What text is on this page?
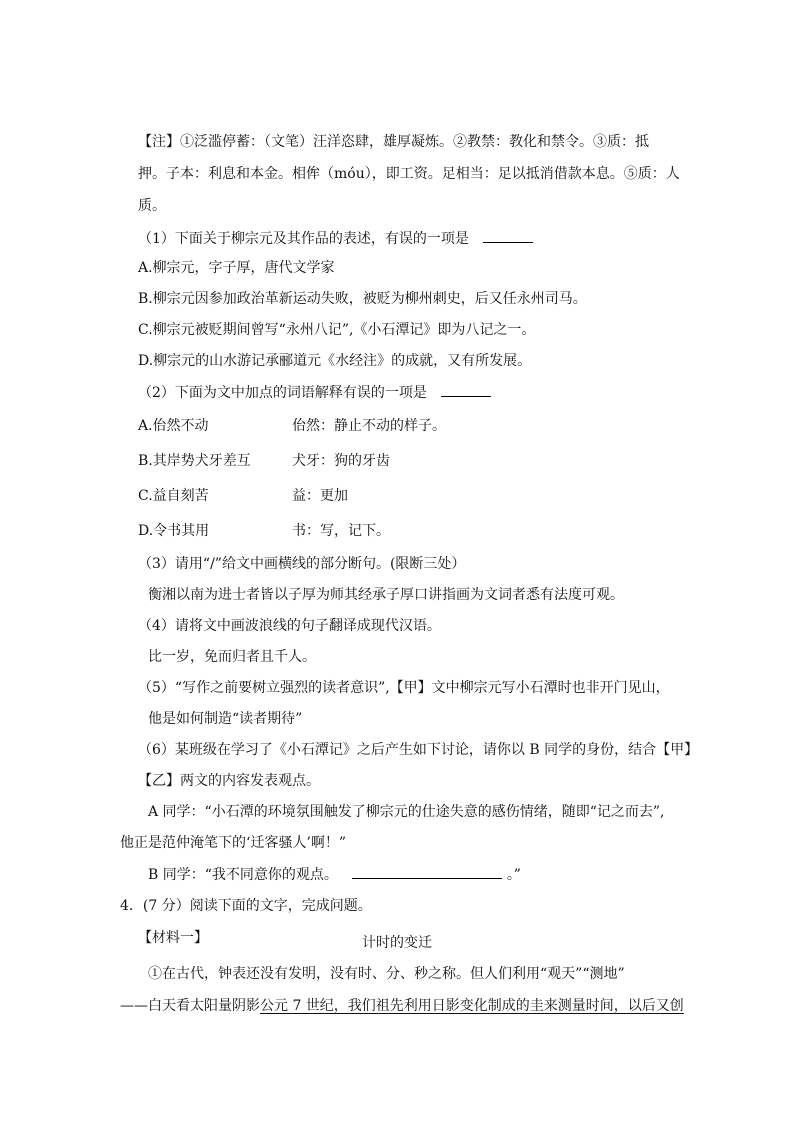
【注】①泛滥停蓄：（文笔）汪洋恣肆，雄厚凝炼。②教禁：教化和禁令。③质：抵
押。子本：利息和本金。相侔（móu），即工资。足相当：足以抵消借款本息。⑤质：人
质。
（1）下面关于柳宗元及其作品的表述，有误的一项是
A.柳宗元，字子厚，唐代文学家
B.柳宗元因参加政治革新运动失败，被贬为柳州刺史，后又任永州司马。
C.柳宗元被贬期间曾写“永州八记”,《小石潭记》即为八记之一。
D.柳宗元的山水游记承郦道元《水经注》的成就，又有所发展。
（2）下面为文中加点的词语解释有误的一项是
A.佁然不动	佁然：静止不动的样子。
B.其岸势犬牙差互	犬牙：狗的牙齿
C.益自刻苦	益：更加
D.令书其用	书：写，记下。
（3）请用“/”给文中画横线的部分断句。(限断三处）
衡湘以南为进士者皆以子厚为师其经承子厚口讲指画为文词者悉有法度可观。
（4）请将文中画波浪线的句子翻译成现代汉语。
比一岁，免而归者且千人。
（5）“写作之前要树立强烈的读者意识”,【甲】文中柳宗元写小石潭时也非开门见山，
他是如何制造“读者期待”
（6）某班级在学习了《小石潭记》之后产生如下讨论，请你以 B 同学的身份，结合【甲】
【乙】两文的内容发表观点。
A 同学：“小石潭的环境氛围触发了柳宗元的仕途失意的感伤情绪，随即“记之而去”,
他正是范仲淹笔下的‘迁客骚人’啊！”
B 同学：“我不同意你的观点。	。”
4．(7 分）阅读下面的文字，完成问题。
【材料一】	计时的变迁
①在古代，钟表还没有发明，没有时、分、秒之称。但人们利用“观天”“测地”
——白天看太阳量阴影公元 7 世纪，我们祖先利用日影变化制成的圭来测量时间，以后又创
